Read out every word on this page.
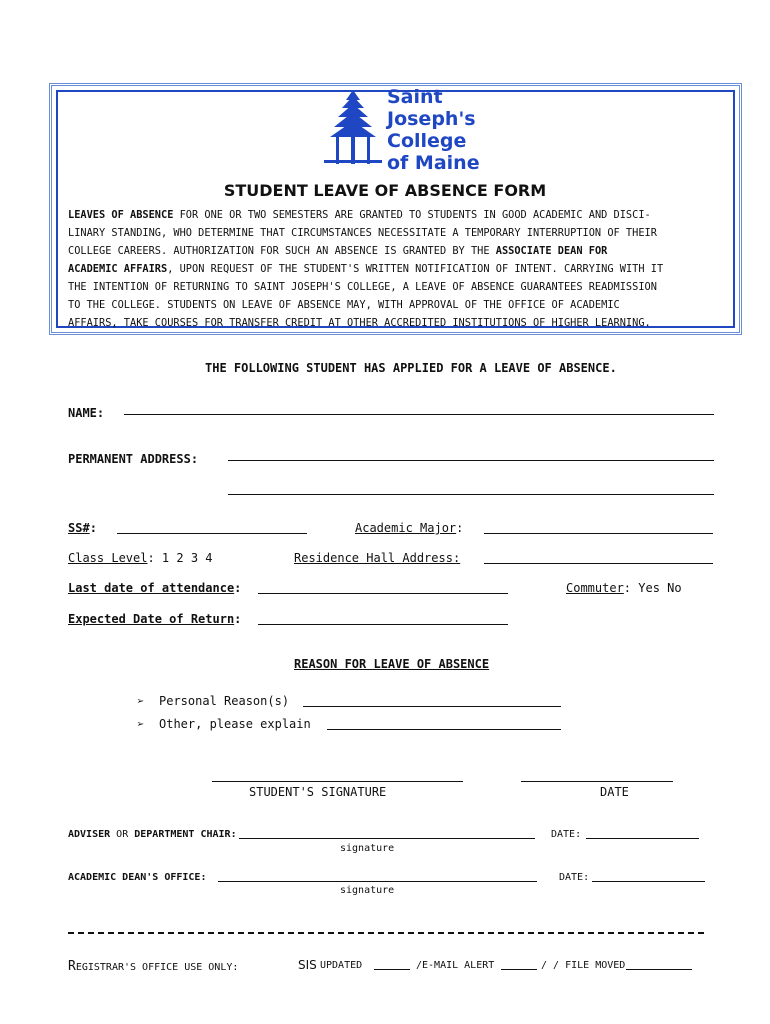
Saint
Joseph's
College
of Maine
STUDENT LEAVE OF ABSENCE FORM
LEAVES OF ABSENCE FOR ONE OR TWO SEMESTERS ARE GRANTED TO STUDENTS IN GOOD ACADEMIC AND DISCI-
LINARY STANDING, WHO DETERMINE THAT CIRCUMSTANCES NECESSITATE A TEMPORARY INTERRUPTION OF THEIR
COLLEGE CAREERS. AUTHORIZATION FOR SUCH AN ABSENCE IS GRANTED BY THE ASSOCIATE DEAN FOR
ACADEMIC AFFAIRS, UPON REQUEST OF THE STUDENT'S WRITTEN NOTIFICATION OF INTENT. CARRYING WITH IT
THE INTENTION OF RETURNING TO SAINT JOSEPH'S COLLEGE, A LEAVE OF ABSENCE GUARANTEES READMISSION
TO THE COLLEGE. STUDENTS ON LEAVE OF ABSENCE MAY, WITH APPROVAL OF THE OFFICE OF ACADEMIC
AFFAIRS, TAKE COURSES FOR TRANSFER CREDIT AT OTHER ACCREDITED INSTITUTIONS OF HIGHER LEARNING.
THE FOLLOWING STUDENT HAS APPLIED FOR A LEAVE OF ABSENCE.
NAME:
PERMANENT ADDRESS:
SS#:	Academic Major:
Class Level: 1 2 3 4	Residence Hall Address:
Last date of attendance:	Commuter: Yes No
Expected Date of Return:
REASON FOR LEAVE OF ABSENCE
➢ Personal Reason(s)
➢ Other, please explain
STUDENT'S SIGNATURE	DATE
ADVISER OR DEPARTMENT CHAIR:
signature
DATE:
ACADEMIC DEAN'S OFFICE:
signature
DATE:
REGISTRAR'S OFFICE USE ONLY:	SIS UPDATED	/E-MAIL ALERT	/ / FILE MOVED
